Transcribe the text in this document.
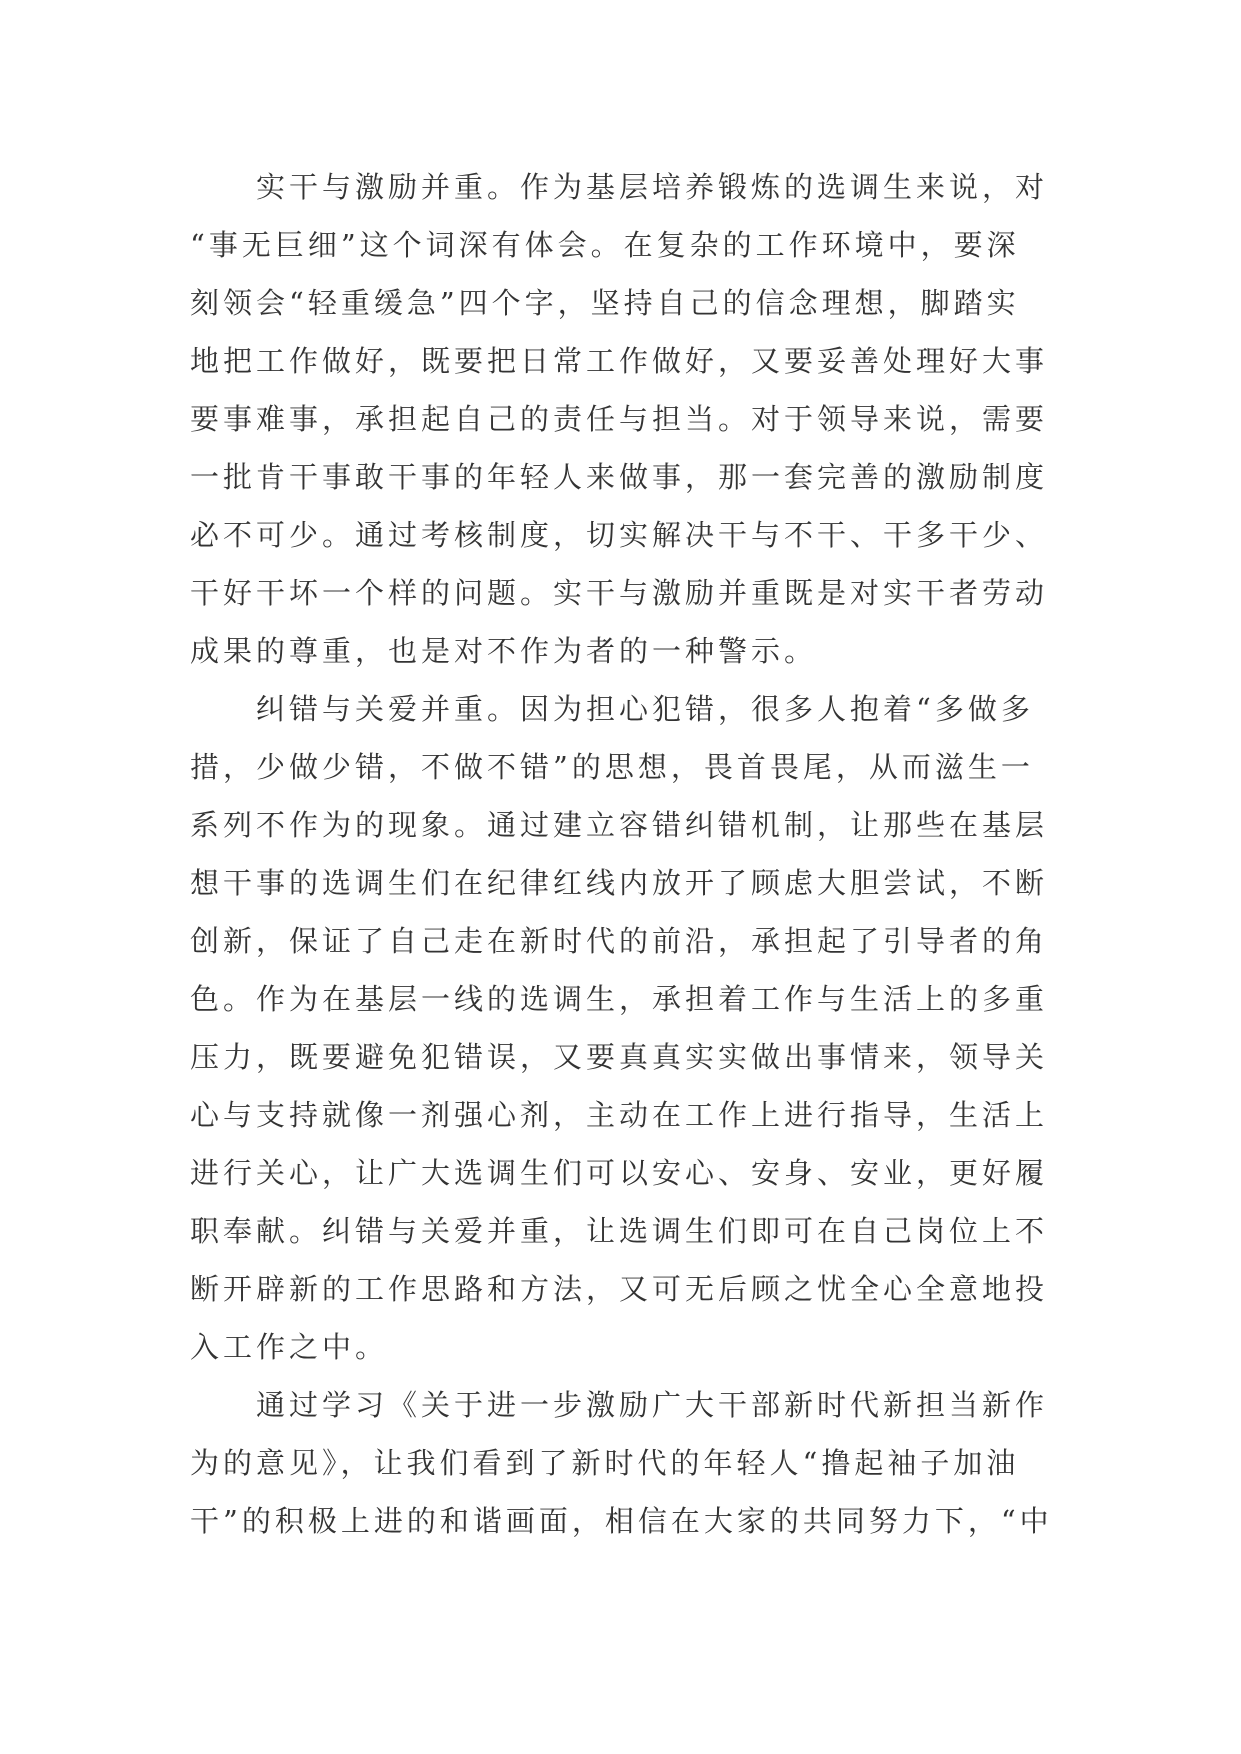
实干与激励并重。作为基层培养锻炼的选调生来说，对
“事无巨细”这个词深有体会。在复杂的工作环境中，要深
刻领会“轻重缓急”四个字，坚持自己的信念理想，脚踏实
地把工作做好，既要把日常工作做好，又要妥善处理好大事
要事难事，承担起自己的责任与担当。对于领导来说，需要
一批肯干事敢干事的年轻人来做事，那一套完善的激励制度
必不可少。通过考核制度，切实解决干与不干、干多干少、
干好干坏一个样的问题。实干与激励并重既是对实干者劳动
成果的尊重，也是对不作为者的一种警示。
纠错与关爱并重。因为担心犯错，很多人抱着“多做多
措，少做少错，不做不错”的思想，畏首畏尾，从而滋生一
系列不作为的现象。通过建立容错纠错机制，让那些在基层
想干事的选调生们在纪律红线内放开了顾虑大胆尝试，不断
创新，保证了自己走在新时代的前沿，承担起了引导者的角
色。作为在基层一线的选调生，承担着工作与生活上的多重
压力，既要避免犯错误，又要真真实实做出事情来，领导关
心与支持就像一剂强心剂，主动在工作上进行指导，生活上
进行关心，让广大选调生们可以安心、安身、安业，更好履
职奉献。纠错与关爱并重，让选调生们即可在自己岗位上不
断开辟新的工作思路和方法，又可无后顾之忧全心全意地投
入工作之中。
通过学习《关于进一步激励广大干部新时代新担当新作
为的意见》，让我们看到了新时代的年轻人“撸起袖子加油
干”的积极上进的和谐画面，相信在大家的共同努力下，“中
